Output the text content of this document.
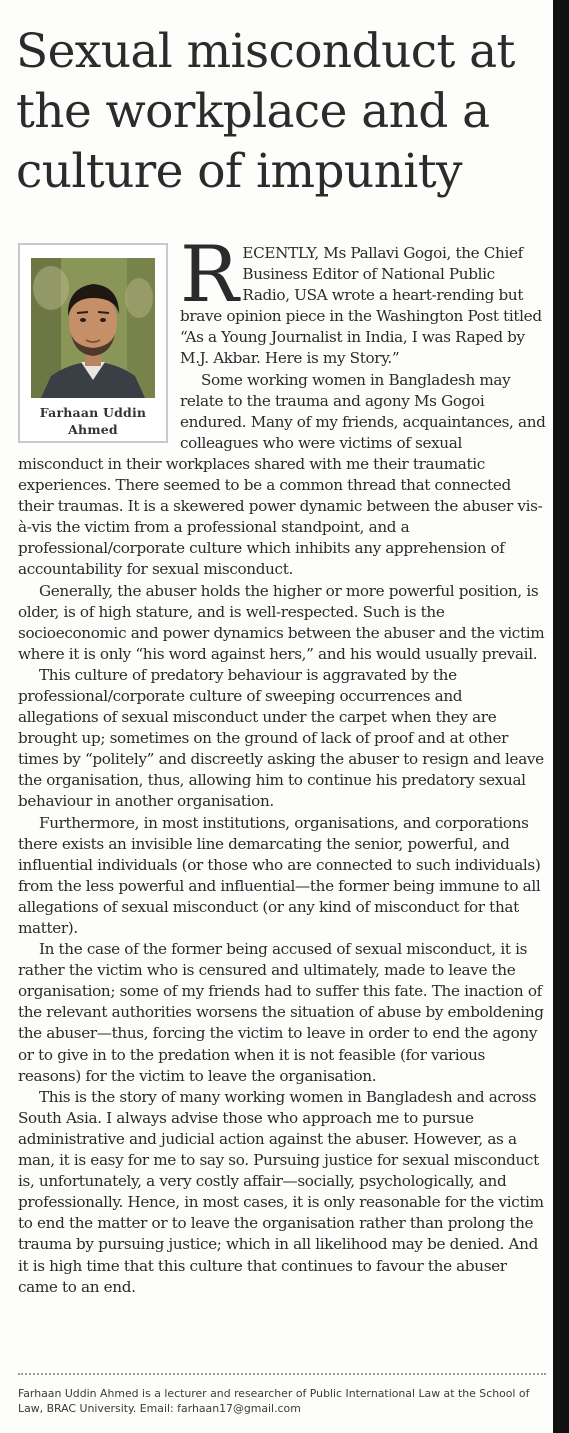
Sexual misconduct at the workplace and a culture of impunity
Farhaan Uddin
Ahmed

RECENTLY, Ms Pallavi Gogoi, the Chief Business Editor of National Public Radio, USA wrote a heart-rending but brave opinion piece in the Washington Post titled “As a Young Journalist in India, I was Raped by M.J. Akbar. Here is my Story.”

Some working women in Bangladesh may relate to the trauma and agony Ms Gogoi endured. Many of my friends, acquaintances, and colleagues who were victims of sexual misconduct in their workplaces shared with me their traumatic experiences. There seemed to be a common thread that connected their traumas. It is a skewered power dynamic between the abuser vis-à-vis the victim from a professional standpoint, and a professional/corporate culture which inhibits any apprehension of accountability for sexual misconduct.

Generally, the abuser holds the higher or more powerful position, is older, is of high stature, and is well-respected. Such is the socioeconomic and power dynamics between the abuser and the victim where it is only “his word against hers,” and his would usually prevail.

This culture of predatory behaviour is aggravated by the professional/corporate culture of sweeping occurrences and allegations of sexual misconduct under the carpet when they are brought up; sometimes on the ground of lack of proof and at other times by “politely” and discreetly asking the abuser to resign and leave the organisation, thus, allowing him to continue his predatory sexual behaviour in another organisation.

Furthermore, in most institutions, organisations, and corporations there exists an invisible line demarcating the senior, powerful, and influential individuals (or those who are connected to such individuals) from the less powerful and influential—the former being immune to all allegations of sexual misconduct (or any kind of misconduct for that matter).

In the case of the former being accused of sexual misconduct, it is rather the victim who is censured and ultimately, made to leave the organisation; some of my friends had to suffer this fate. The inaction of the relevant authorities worsens the situation of abuse by emboldening the abuser—thus, forcing the victim to leave in order to end the agony or to give in to the predation when it is not feasible (for various reasons) for the victim to leave the organisation.

This is the story of many working women in Bangladesh and across South Asia. I always advise those who approach me to pursue administrative and judicial action against the abuser. However, as a man, it is easy for me to say so. Pursuing justice for sexual misconduct is, unfortunately, a very costly affair—socially, psychologically, and professionally. Hence, in most cases, it is only reasonable for the victim to end the matter or to leave the organisation rather than prolong the trauma by pursuing justice; which in all likelihood may be denied. And it is high time that this culture that continues to favour the abuser came to an end.

Farhaan Uddin Ahmed is a lecturer and researcher of Public International Law at the School of Law, BRAC University. Email: farhaan17@gmail.com
